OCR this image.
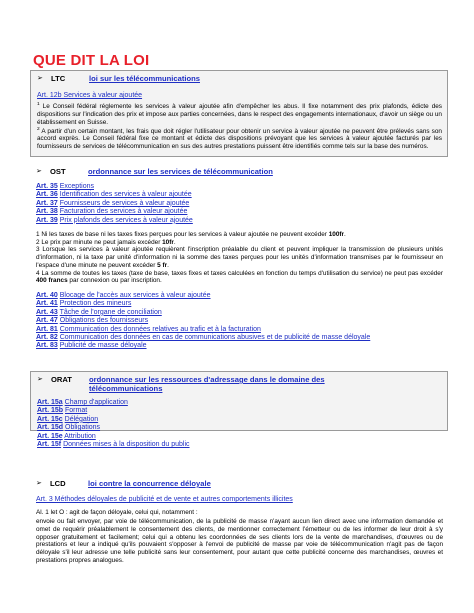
QUE DIT LA LOI
➢	LTC	loi sur les télécommunications
Art. 12b Services à valeur ajoutée
$^1$ Le Conseil fédéral réglemente les services à valeur ajoutée afin d'empêcher les abus. Il fixe notamment des prix plafonds, édicte des dispositions sur l'indication des prix et impose aux parties concernées, dans le respect des engagements internationaux, d'avoir un siège ou un établissement en Suisse.
$^2$ A partir d'un certain montant, les frais que doit régler l'utilisateur pour obtenir un service à valeur ajoutée ne peuvent être prélevés sans son accord exprès. Le Conseil fédéral fixe ce montant et édicte des dispositions prévoyant que les services à valeur ajoutée facturés par les fournisseurs de services de télécommunication en sus des autres prestations puissent être identifiés comme tels sur la base des numéros.
➢	OST	ordonnance sur les services de télécommunication
Art. 35 Exceptions
Art. 36 Identification des services à valeur ajoutée
Art. 37 Fournisseurs de services à valeur ajoutée
Art. 38 Facturation des services à valeur ajoutée
Art. 39 Prix plafonds des services à valeur ajoutée
1 Ni les taxes de base ni les taxes fixes perçues pour les services à valeur ajoutée ne peuvent excéder 100fr.
2 Le prix par minute ne peut jamais excéder 10fr.
3 Lorsque les services à valeur ajoutée requièrent l'inscription préalable du client et peuvent impliquer la transmission de plusieurs unités d'information, ni la taxe par unité d'information ni la somme des taxes perçues pour les unités d'information transmises par le fournisseur en l'espace d'une minute ne peuvent excéder 5 fr.
4 La somme de toutes les taxes (taxe de base, taxes fixes et taxes calculées en fonction du temps d'utilisation du service) ne peut pas excéder 400 francs par connexion ou par inscription.
Art. 40 Blocage de l'accès aux services à valeur ajoutée
Art. 41 Protection des mineurs
Art. 43 Tâche de l'organe de conciliation
Art. 47 Obligations des fournisseurs
Art. 81 Communication des données relatives au trafic et à la facturation
Art. 82 Communication des données en cas de communications abusives et de publicité de masse déloyale
Art. 83 Publicité de masse déloyale
➢	ORAT	ordonnance sur les ressources d'adressage dans le domaine des télécommunications
Art. 15a Champ d'application
Art. 15b Format
Art. 15c Délégation
Art. 15d Obligations
Art. 15e Attribution
Art. 15f Données mises à la disposition du public
➢	LCD	loi contre la concurrence déloyale
Art. 3 Méthodes déloyales de publicité et de vente et autres comportements illicites
Al. 1 let O : agit de façon déloyale, celui qui, notamment :
envoie ou fait envoyer, par voie de télécommunication, de la publicité de masse n'ayant aucun lien direct avec une information demandée et omet de requérir préalablement le consentement des clients, de mentionner correctement l'émetteur ou de les informer de leur droit à s'y opposer gratuitement et facilement; celui qui a obtenu les coordonnées de ses clients lors de la vente de marchandises, d'œuvres ou de prestations et leur a indiqué qu'ils pouvaient s'opposer à l'envoi de publicité de masse par voie de télécommunication n'agit pas de façon déloyale s'il leur adresse une telle publicité sans leur consentement, pour autant que cette publicité concerne des marchandises, œuvres et prestations propres analogues.
